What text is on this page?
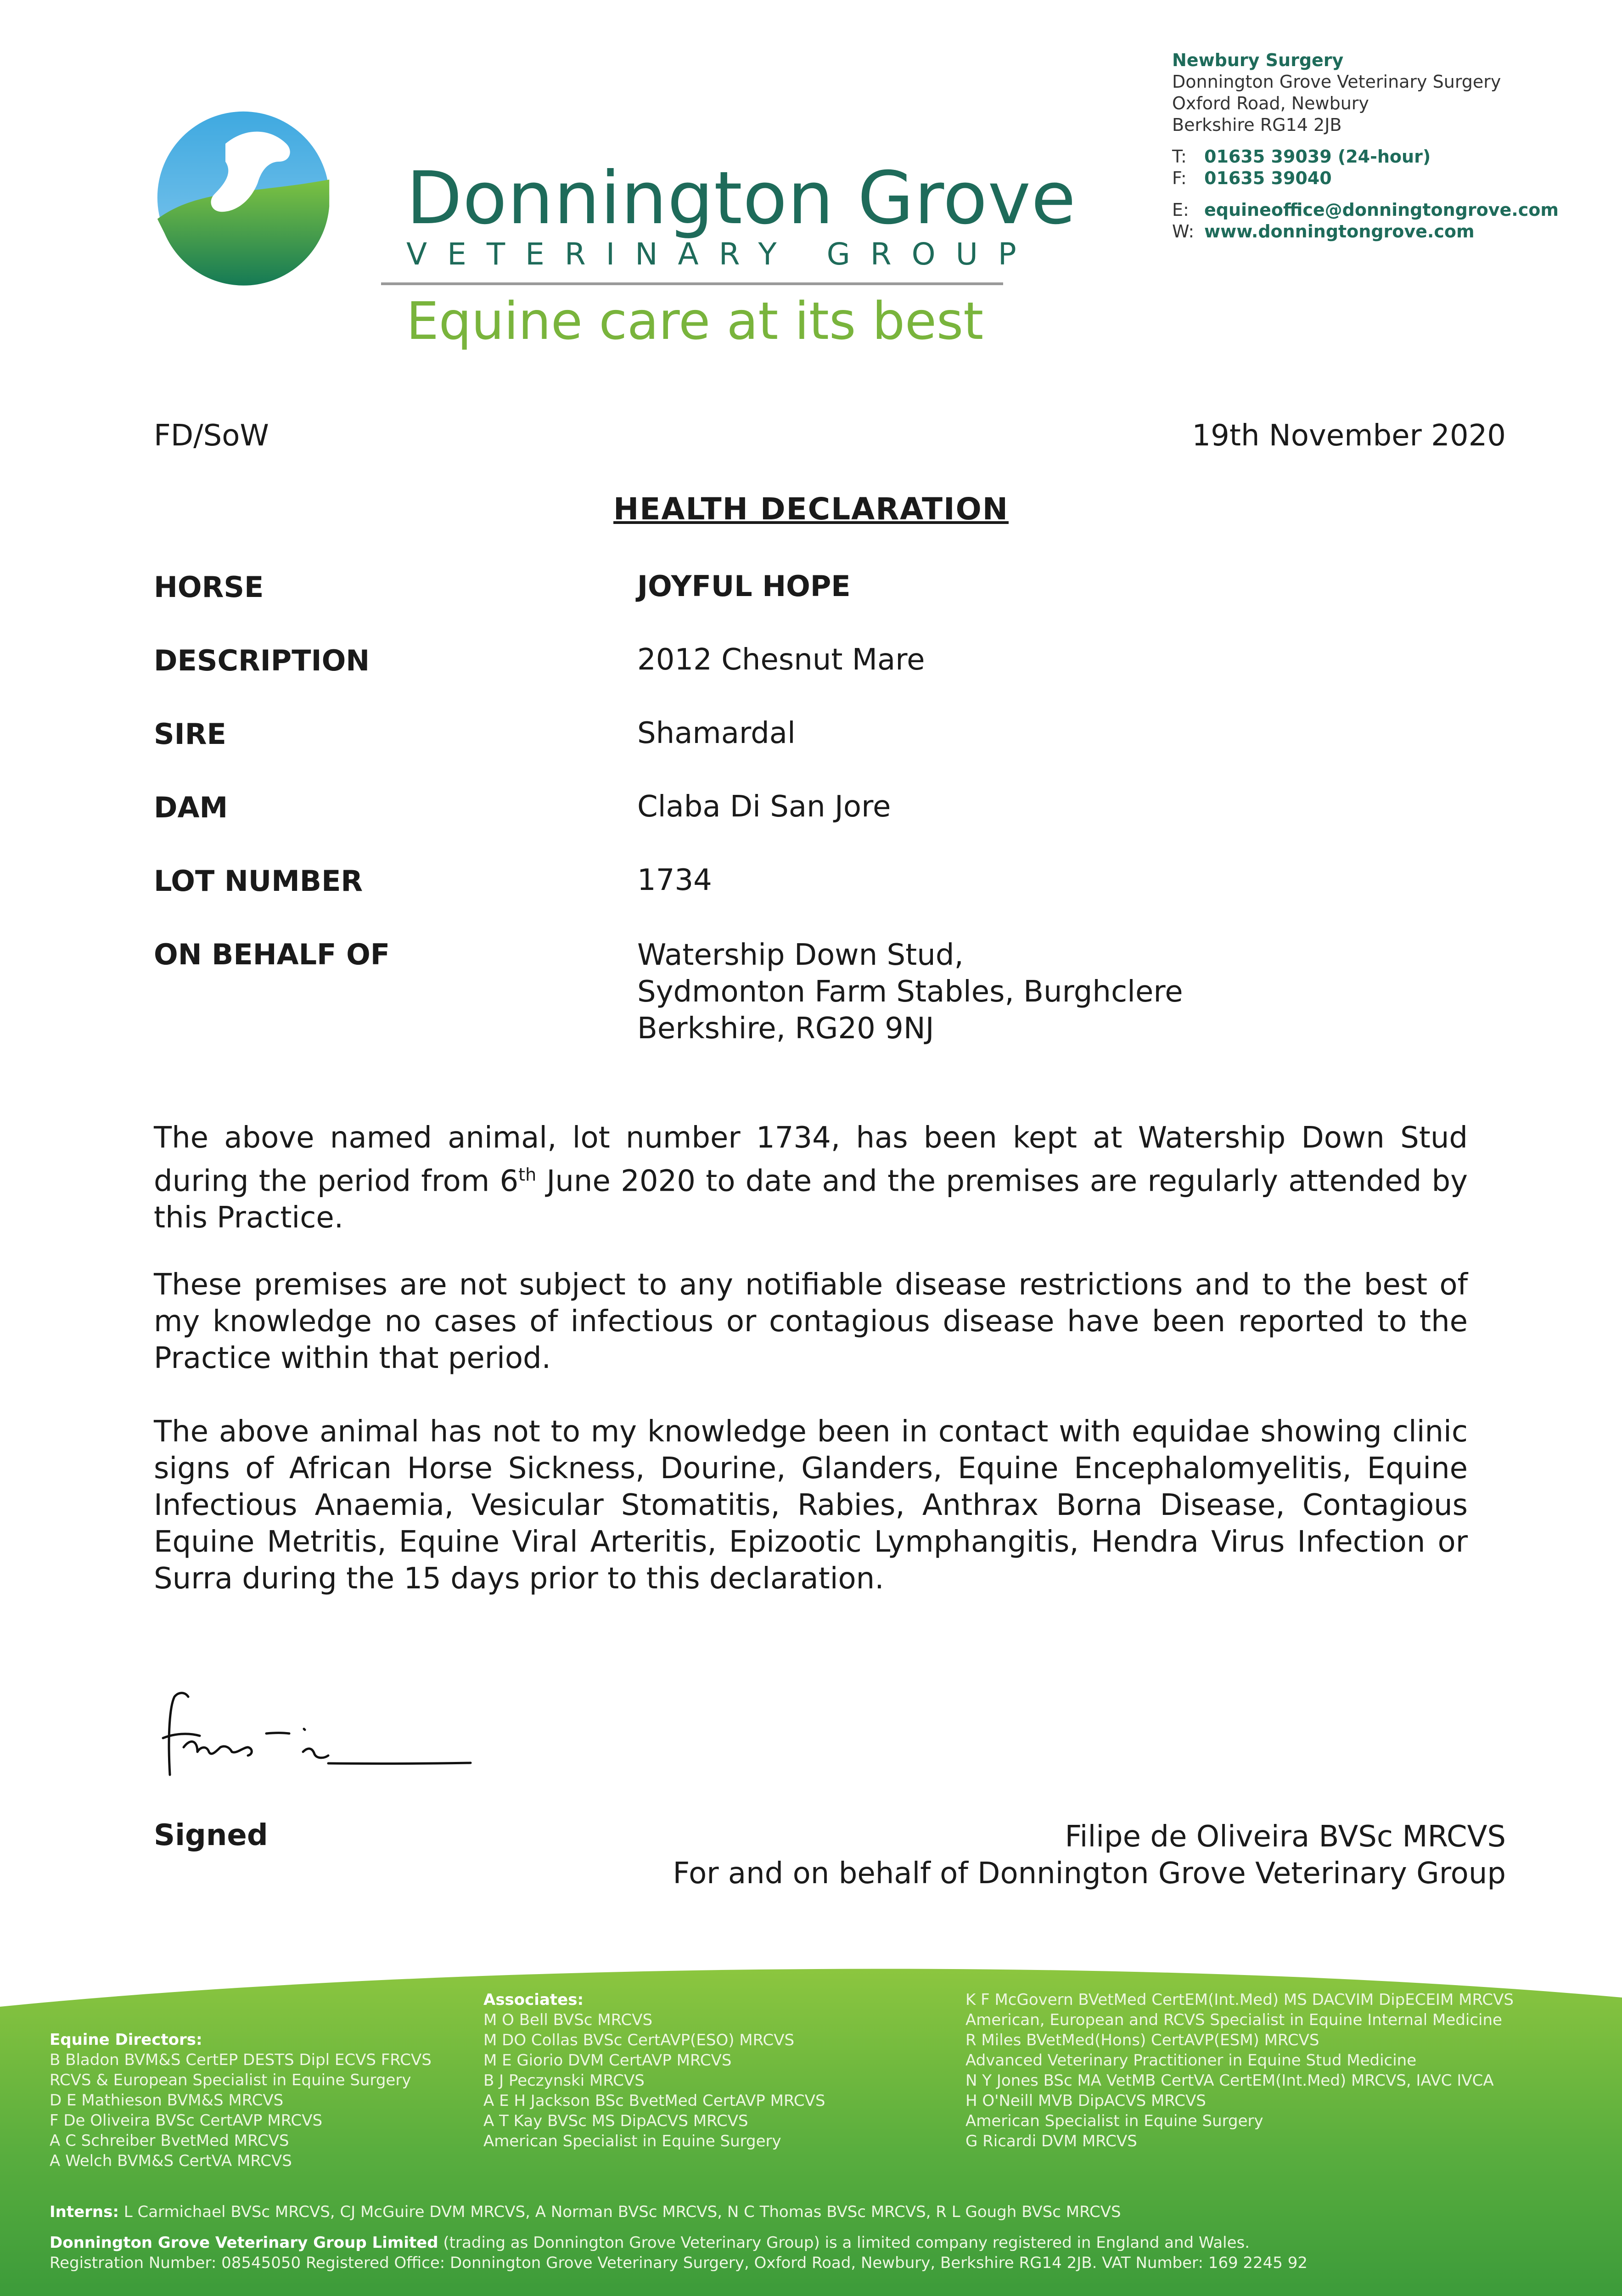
Donnington Grove
VETERINARY GROUP
Equine care at its best
Newbury Surgery
Donnington Grove Veterinary Surgery
Oxford Road, Newbury
Berkshire RG14 2JB
T: 01635 39039 (24-hour)
F: 01635 39040
E: equineoffice@donningtongrove.com
W: www.donningtongrove.com
FD/SoW	19th November 2020
HEALTH DECLARATION
HORSE	JOYFUL HOPE
DESCRIPTION	2012 Chesnut Mare
SIRE	Shamardal
DAM	Claba Di San Jore
LOT NUMBER	1734
ON BEHALF OF	Watership Down Stud,
Sydmonton Farm Stables, Burghclere
Berkshire, RG20 9NJ
The above named animal, lot number 1734, has been kept at Watership Down Stud during the period from 6th June 2020 to date and the premises are regularly attended by this Practice.
These premises are not subject to any notifiable disease restrictions and to the best of my knowledge no cases of infectious or contagious disease have been reported to the Practice within that period.
The above animal has not to my knowledge been in contact with equidae showing clinic signs of African Horse Sickness, Dourine, Glanders, Equine Encephalomyelitis, Equine Infectious Anaemia, Vesicular Stomatitis, Rabies, Anthrax Borna Disease, Contagious Equine Metritis, Equine Viral Arteritis, Epizootic Lymphangitis, Hendra Virus Infection or Surra during the 15 days prior to this declaration.
Signed	Filipe de Oliveira BVSc MRCVS
For and on behalf of Donnington Grove Veterinary Group
Equine Directors:
B Bladon BVM&S CertEP DESTS Dipl ECVS FRCVS
RCVS & European Specialist in Equine Surgery
D E Mathieson BVM&S MRCVS
F De Oliveira BVSc CertAVP MRCVS
A C Schreiber BvetMed MRCVS
A Welch BVM&S CertVA MRCVS
Associates:
M O Bell BVSc MRCVS
M DO Collas BVSc CertAVP(ESO) MRCVS
M E Giorio DVM CertAVP MRCVS
B J Peczynski MRCVS
A E H Jackson BSc BvetMed CertAVP MRCVS
A T Kay BVSc MS DipACVS MRCVS
American Specialist in Equine Surgery
K F McGovern BVetMed CertEM(Int.Med) MS DACVIM DipECEIM MRCVS
American, European and RCVS Specialist in Equine Internal Medicine
R Miles BVetMed(Hons) CertAVP(ESM) MRCVS
Advanced Veterinary Practitioner in Equine Stud Medicine
N Y Jones BSc MA VetMB CertVA CertEM(Int.Med) MRCVS, IAVC IVCA
H O'Neill MVB DipACVS MRCVS
American Specialist in Equine Surgery
G Ricardi DVM MRCVS
Interns: L Carmichael BVSc MRCVS, CJ McGuire DVM MRCVS, A Norman BVSc MRCVS, N C Thomas BVSc MRCVS, R L Gough BVSc MRCVS
Donnington Grove Veterinary Group Limited (trading as Donnington Grove Veterinary Group) is a limited company registered in England and Wales.
Registration Number: 08545050 Registered Office: Donnington Grove Veterinary Surgery, Oxford Road, Newbury, Berkshire RG14 2JB. VAT Number: 169 2245 92
